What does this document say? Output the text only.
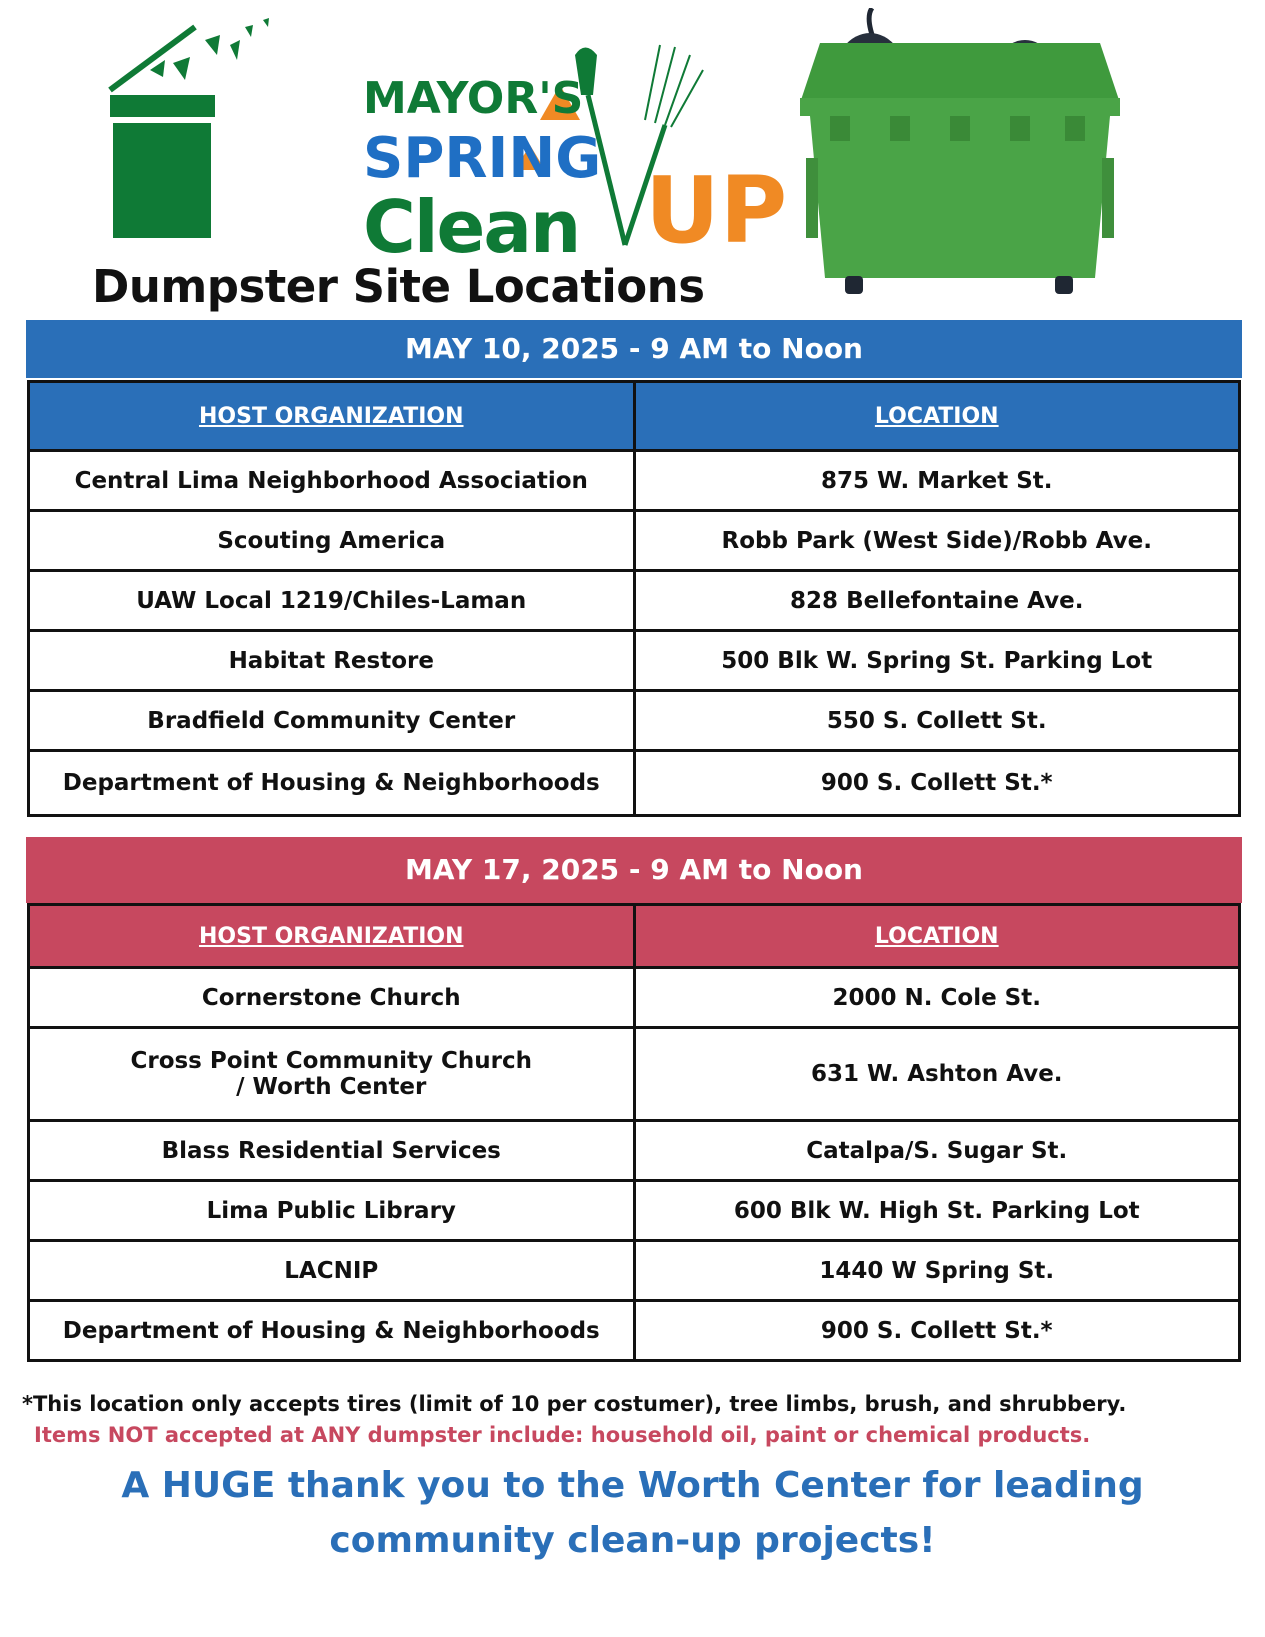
MAYOR'S
SPRING
Clean UP
Dumpster Site Locations
MAY 10, 2025 - 9 AM to Noon
HOST ORGANIZATION	LOCATION
Central Lima Neighborhood Association	875 W. Market St.
Scouting America	Robb Park (West Side)/Robb Ave.
UAW Local 1219/Chiles-Laman	828 Bellefontaine Ave.
Habitat Restore	500 Blk W. Spring St. Parking Lot
Bradfield Community Center	550 S. Collett St.
Department of Housing & Neighborhoods	900 S. Collett St.*
MAY 17, 2025 - 9 AM to Noon
HOST ORGANIZATION	LOCATION
Cornerstone Church	2000 N. Cole St.
Cross Point Community Church
/ Worth Center	631 W. Ashton Ave.
Blass Residential Services	Catalpa/S. Sugar St.
Lima Public Library	600 Blk W. High St. Parking Lot
LACNIP	1440 W Spring St.
Department of Housing & Neighborhoods	900 S. Collett St.*
*This location only accepts tires (limit of 10 per costumer), tree limbs, brush, and shrubbery.
Items NOT accepted at ANY dumpster include: household oil, paint or chemical products.
A HUGE thank you to the Worth Center for leading
community clean-up projects!
